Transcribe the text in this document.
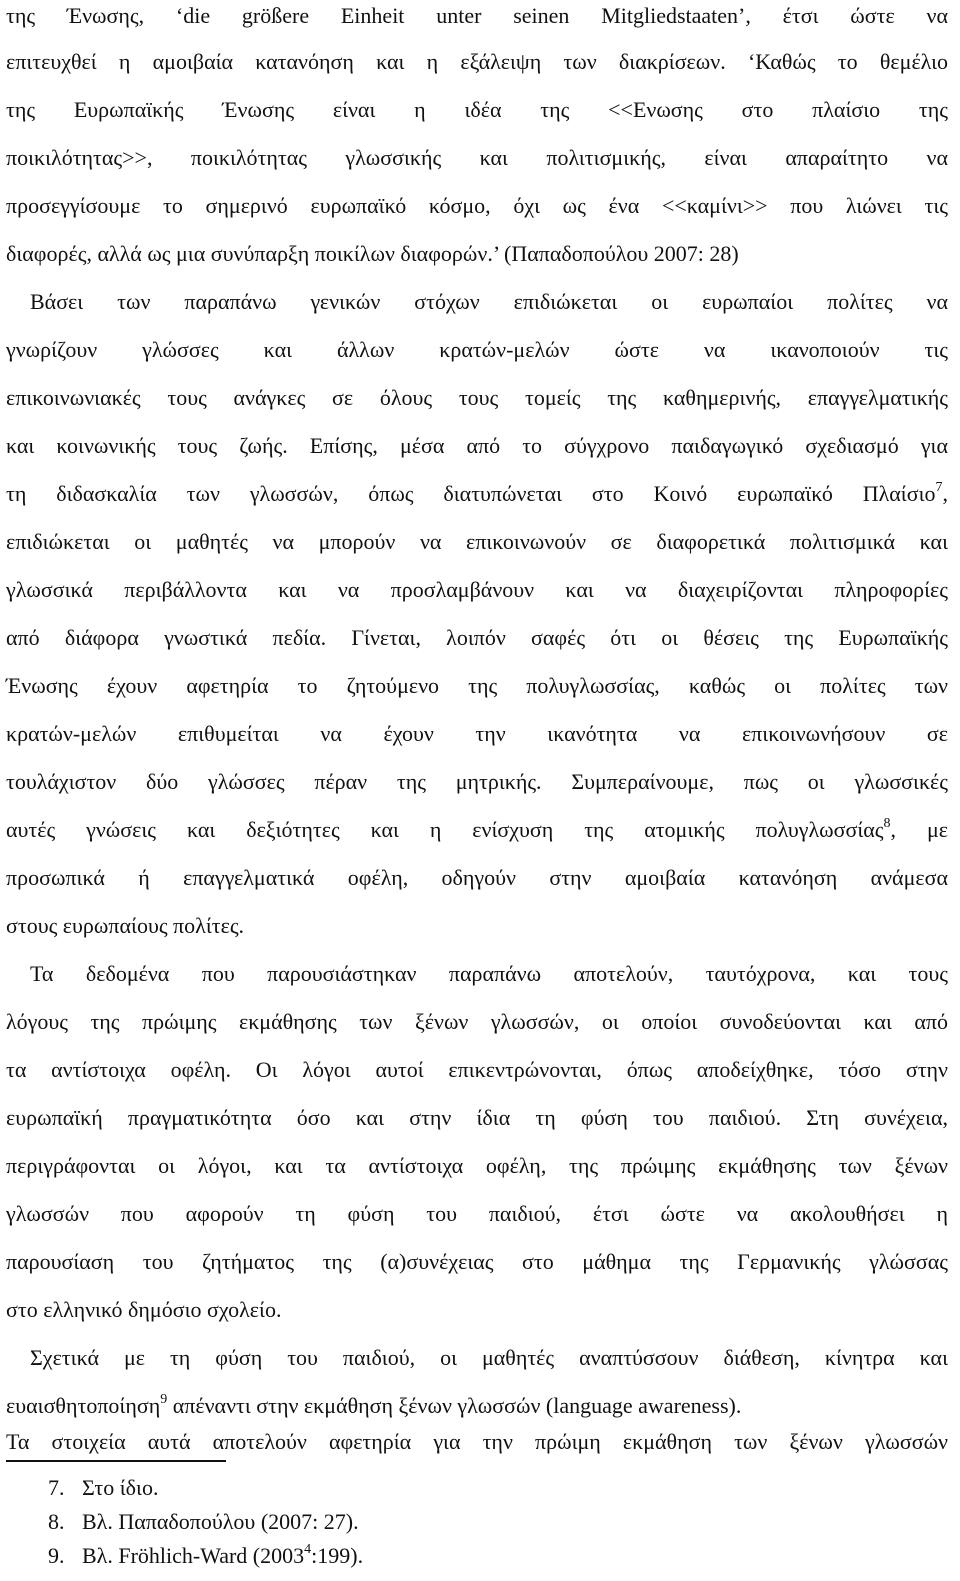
της Ένωσης, ‘die größere Einheit unter seinen Mitgliedstaaten’, έτσι ώστε να
επιτευχθεί η αμοιβαία κατανόηση και η εξάλειψη των διακρίσεων. ‘Καθώς το θεμέλιο
της Ευρωπαϊκής Ένωσης είναι η ιδέα της <<Ενωσης στο πλαίσιο της
ποικιλότητας>>, ποικιλότητας γλωσσικής και πολιτισμικής, είναι απαραίτητο να
προσεγγίσουμε το σημερινό ευρωπαϊκό κόσμο, όχι ως ένα <<καμίνι>> που λιώνει τις
διαφορές, αλλά ως μια συνύπαρξη ποικίλων διαφορών.’ (Παπαδοπούλου 2007: 28)
Βάσει των παραπάνω γενικών στόχων επιδιώκεται οι ευρωπαίοι πολίτες να
γνωρίζουν γλώσσες και άλλων κρατών-μελών ώστε να ικανοποιούν τις
επικοινωνιακές τους ανάγκες σε όλους τους τομείς της καθημερινής, επαγγελματικής
και κοινωνικής τους ζωής. Επίσης, μέσα από το σύγχρονο παιδαγωγικό σχεδιασμό για
τη διδασκαλία των γλωσσών, όπως διατυπώνεται στο Κοινό ευρωπαϊκό Πλαίσιο$^7$,
επιδιώκεται οι μαθητές να μπορούν να επικοινωνούν σε διαφορετικά πολιτισμικά και
γλωσσικά περιβάλλοντα και να προσλαμβάνουν και να διαχειρίζονται πληροφορίες
από διάφορα γνωστικά πεδία. Γίνεται, λοιπόν σαφές ότι οι θέσεις της Ευρωπαϊκής
Ένωσης έχουν αφετηρία το ζητούμενο της πολυγλωσσίας, καθώς οι πολίτες των
κρατών-μελών επιθυμείται να έχουν την ικανότητα να επικοινωνήσουν σε
τουλάχιστον δύο γλώσσες πέραν της μητρικής. Συμπεραίνουμε, πως οι γλωσσικές
αυτές γνώσεις και δεξιότητες και η ενίσχυση της ατομικής πολυγλωσσίας$^8$, με
προσωπικά ή επαγγελματικά οφέλη, οδηγούν στην αμοιβαία κατανόηση ανάμεσα
στους ευρωπαίους πολίτες.
Τα δεδομένα που παρουσιάστηκαν παραπάνω αποτελούν, ταυτόχρονα, και τους
λόγους της πρώιμης εκμάθησης των ξένων γλωσσών, οι οποίοι συνοδεύονται και από
τα αντίστοιχα οφέλη. Οι λόγοι αυτοί επικεντρώνονται, όπως αποδείχθηκε, τόσο στην
ευρωπαϊκή πραγματικότητα όσο και στην ίδια τη φύση του παιδιού. Στη συνέχεια,
περιγράφονται οι λόγοι, και τα αντίστοιχα οφέλη, της πρώιμης εκμάθησης των ξένων
γλωσσών που αφορούν τη φύση του παιδιού, έτσι ώστε να ακολουθήσει η
παρουσίαση του ζητήματος της (α)συνέχειας στο μάθημα της Γερμανικής γλώσσας
στο ελληνικό δημόσιο σχολείο.
Σχετικά με τη φύση του παιδιού, οι μαθητές αναπτύσσουν διάθεση, κίνητρα και
ευαισθητοποίηση$^9$ απέναντι στην εκμάθηση ξένων γλωσσών (language awareness).
Τα στοιχεία αυτά αποτελούν αφετηρία για την πρώιμη εκμάθηση των ξένων γλωσσών
7. Στο ίδιο.
8. Βλ. Παπαδοπούλου (2007: 27).
9. Βλ. Fröhlich-Ward (2003$^4$:199).
